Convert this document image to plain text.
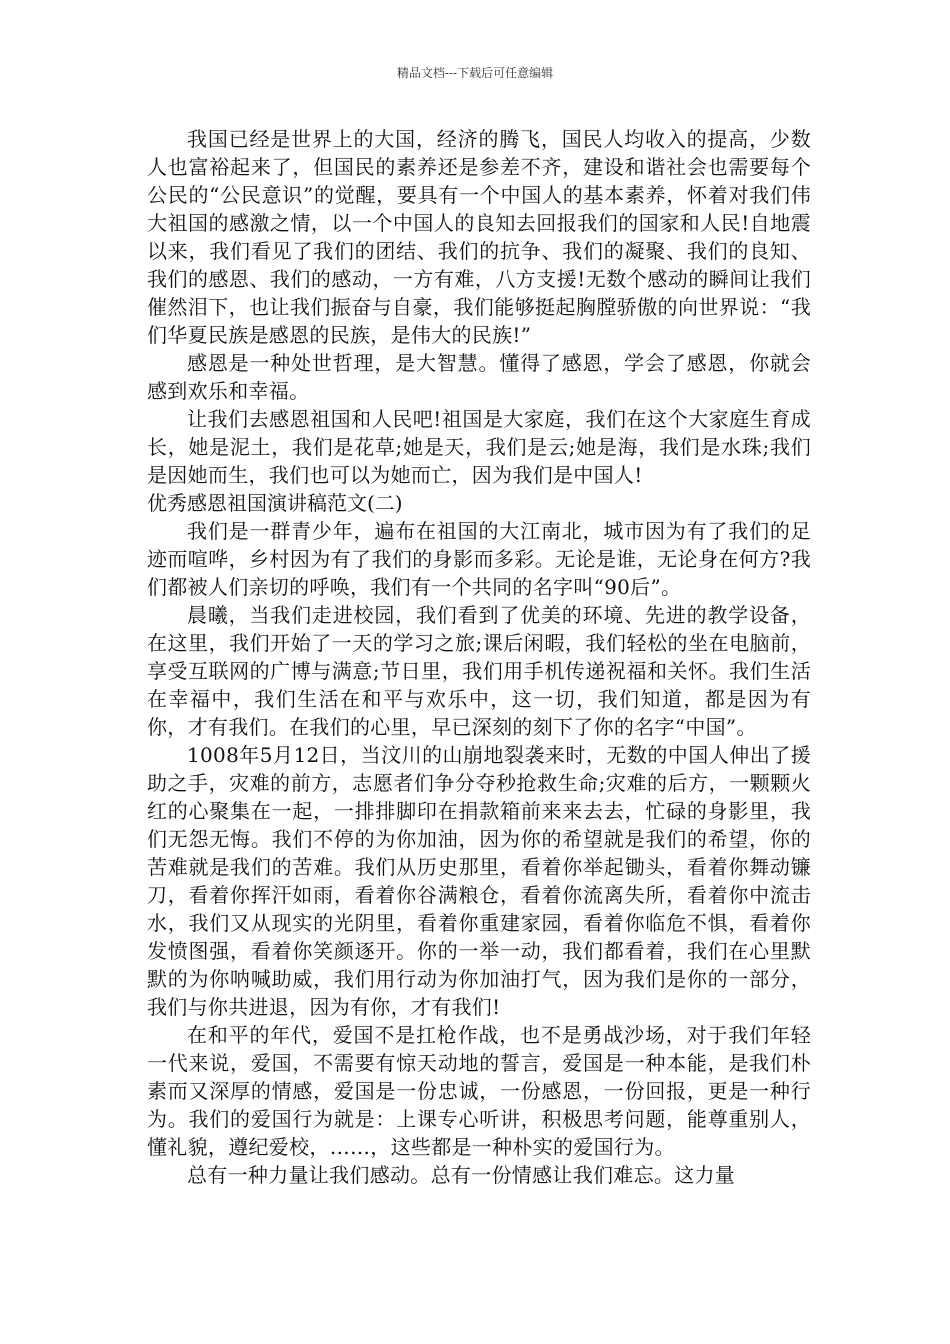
精品文档---下载后可任意编辑

我国已经是世界上的大国，经济的腾飞，国民人均收入的提高，少数人也富裕起来了，但国民的素养还是参差不齐，建设和谐社会也需要每个公民的“公民意识”的觉醒，要具有一个中国人的基本素养，怀着对我们伟大祖国的感激之情，以一个中国人的良知去回报我们的国家和人民!自地震以来，我们看见了我们的团结、我们的抗争、我们的凝聚、我们的良知、我们的感恩、我们的感动，一方有难，八方支援!无数个感动的瞬间让我们催然泪下，也让我们振奋与自豪，我们能够挺起胸膛骄傲的向世界说：“我们华夏民族是感恩的民族，是伟大的民族!”

感恩是一种处世哲理，是大智慧。懂得了感恩，学会了感恩，你就会感到欢乐和幸福。

让我们去感恩祖国和人民吧!祖国是大家庭，我们在这个大家庭生育成长，她是泥土，我们是花草;她是天，我们是云;她是海，我们是水珠;我们是因她而生，我们也可以为她而亡，因为我们是中国人!

优秀感恩祖国演讲稿范文(二)

我们是一群青少年，遍布在祖国的大江南北，城市因为有了我们的足迹而喧哗，乡村因为有了我们的身影而多彩。无论是谁，无论身在何方?我们都被人们亲切的呼唤，我们有一个共同的名字叫“90后”。

晨曦，当我们走进校园，我们看到了优美的环境、先进的教学设备，在这里，我们开始了一天的学习之旅;课后闲暇，我们轻松的坐在电脑前，享受互联网的广博与满意;节日里，我们用手机传递祝福和关怀。我们生活在幸福中，我们生活在和平与欢乐中，这一切，我们知道，都是因为有你，才有我们。在我们的心里，早已深刻的刻下了你的名字“中国”。

1008年5月12日，当汶川的山崩地裂袭来时，无数的中国人伸出了援助之手，灾难的前方，志愿者们争分夺秒抢救生命;灾难的后方，一颗颗火红的心聚集在一起，一排排脚印在捐款箱前来来去去，忙碌的身影里，我们无怨无悔。我们不停的为你加油，因为你的希望就是我们的希望，你的苦难就是我们的苦难。我们从历史那里，看着你举起锄头，看着你舞动镰刀，看着你挥汗如雨，看着你谷满粮仓，看着你流离失所，看着你中流击水，我们又从现实的光阴里，看着你重建家园，看着你临危不惧，看着你发愤图强，看着你笑颜逐开。你的一举一动，我们都看着，我们在心里默默的为你呐喊助威，我们用行动为你加油打气，因为我们是你的一部分，我们与你共进退，因为有你，才有我们!

在和平的年代，爱国不是扛枪作战，也不是勇战沙场，对于我们年轻一代来说，爱国，不需要有惊天动地的誓言，爱国是一种本能，是我们朴素而又深厚的情感，爱国是一份忠诚，一份感恩，一份回报，更是一种行为。我们的爱国行为就是：上课专心听讲，积极思考问题，能尊重别人，懂礼貌，遵纪爱校，……，这些都是一种朴实的爱国行为。

总有一种力量让我们感动。总有一份情感让我们难忘。这力量
